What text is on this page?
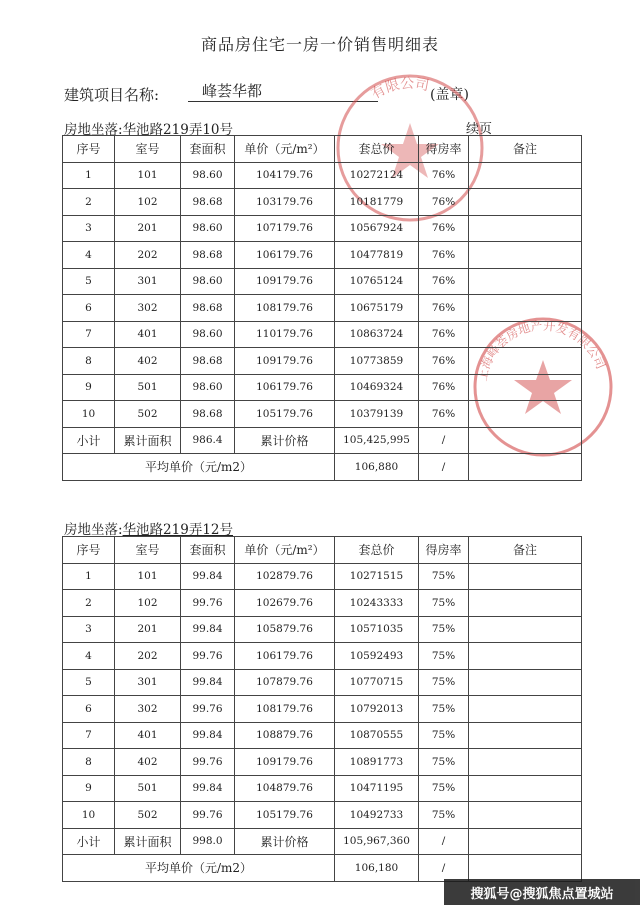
商品房住宅一房一价销售明细表
建筑项目名称:	峰荟华都	(盖章)
有限公司
上海峰荟房地产开发有限公司
房地坐落:华池路219弄10号	续页
序号	室号	套面积	单价（元/m²）	套总价	得房率	备注
1	101	98.60	104179.76	10272124	76%	
2	102	98.68	103179.76	10181779	76%	
3	201	98.60	107179.76	10567924	76%	
4	202	98.68	106179.76	10477819	76%	
5	301	98.60	109179.76	10765124	76%	
6	302	98.68	108179.76	10675179	76%	
7	401	98.60	110179.76	10863724	76%	
8	402	98.68	109179.76	10773859	76%	
9	501	98.60	106179.76	10469324	76%	
10	502	98.68	105179.76	10379139	76%	
小计	累计面积	986.4	累计价格	105,425,995	/	
平均单价（元/m2）				106,880	/	
房地坐落:华池路219弄12号
序号	室号	套面积	单价（元/m²）	套总价	得房率	备注
1	101	99.84	102879.76	10271515	75%	
2	102	99.76	102679.76	10243333	75%	
3	201	99.84	105879.76	10571035	75%	
4	202	99.76	106179.76	10592493	75%	
5	301	99.84	107879.76	10770715	75%	
6	302	99.76	108179.76	10792013	75%	
7	401	99.84	108879.76	10870555	75%	
8	402	99.76	109179.76	10891773	75%	
9	501	99.84	104879.76	10471195	75%	
10	502	99.76	105179.76	10492733	75%	
小计	累计面积	998.0	累计价格	105,967,360	/	
平均单价（元/m2）				106,180	/	
搜狐号@搜狐焦点置城站
